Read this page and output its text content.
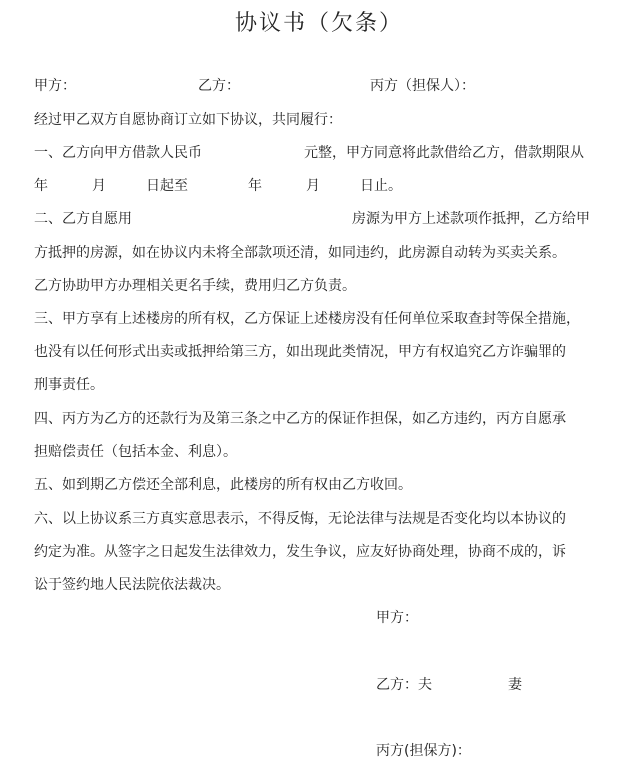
协议书（欠条）
甲方：	乙方：	丙方（担保人）：
经过甲乙双方自愿协商订立如下协议，共同履行：
一、乙方向甲方借款人民币	元整，甲方同意将此款借给乙方，借款期限从
年	月	日起至	年	月	日止。
二、乙方自愿用	房源为甲方上述款项作抵押，乙方给甲
方抵押的房源，如在协议内未将全部款项还清，如同违约，此房源自动转为买卖关系。
乙方协助甲方办理相关更名手续，费用归乙方负责。
三、甲方享有上述楼房的所有权，乙方保证上述楼房没有任何单位采取查封等保全措施，
也没有以任何形式出卖或抵押给第三方，如出现此类情况，甲方有权追究乙方诈骗罪的
刑事责任。
四、丙方为乙方的还款行为及第三条之中乙方的保证作担保，如乙方违约，丙方自愿承
担赔偿责任（包括本金、利息）。
五、如到期乙方偿还全部利息，此楼房的所有权由乙方收回。
六、以上协议系三方真实意思表示，不得反悔，无论法律与法规是否变化均以本协议的
约定为准。从签字之日起发生法律效力，发生争议，应友好协商处理，协商不成的，诉
讼于签约地人民法院依法裁决。
甲方：
乙方：夫	妻
丙方(担保方)：
